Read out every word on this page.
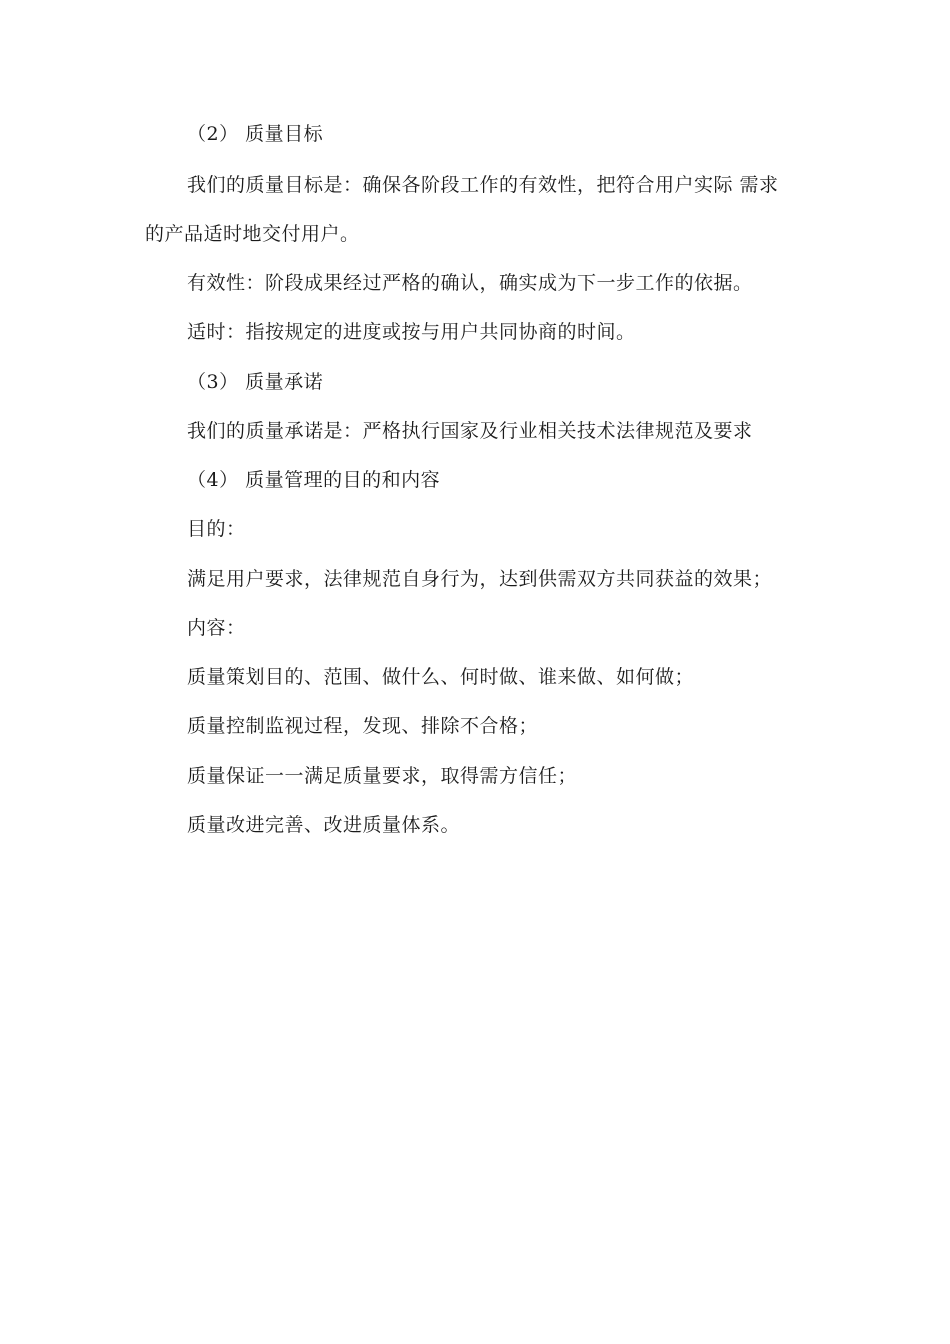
（2） 质量目标

我们的质量目标是：确保各阶段工作的有效性，把符合用户实际 需求

的产品适时地交付用户。

有效性：阶段成果经过严格的确认，确实成为下一步工作的依据。

适时：指按规定的进度或按与用户共同协商的时间。

（3） 质量承诺

我们的质量承诺是：严格执行国家及行业相关技术法律规范及要求

（4） 质量管理的目的和内容

目的：

满足用户要求，法律规范自身行为，达到供需双方共同获益的效果；

内容：

质量策划目的、范围、做什么、何时做、谁来做、如何做；

质量控制监视过程，发现、排除不合格；

质量保证一一满足质量要求，取得需方信任；

质量改进完善、改进质量体系。
